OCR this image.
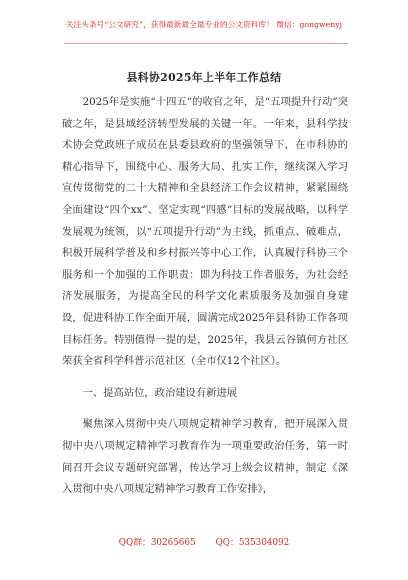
关注头条号“公文研究”，获得最新最全最专业的公文资料库！ 微信：gongwenyj
县科协2025年上半年工作总结

2025年是实施“十四五”的收官之年，是“五项提升行动”突破之年，是县域经济转型发展的关键一年。一年来，县科学技术协会党政班子成员在县委县政府的坚强领导下，在市科协的精心指导下，围绕中心、服务大局、扎实工作，继续深入学习宣传贯彻党的二十大精神和全县经济工作会议精神，紧紧围绕全面建设“四个xx”、坚定实现“四感”目标的发展战略，以科学发展观为统领，以“五项提升行动”为主线，抓重点、破难点，积极开展科学普及和乡村振兴等中心工作，认真履行科协三个服务和一个加强的工作职责：即为科技工作者服务，为社会经济发展服务，为提高全民的科学文化素质服务及加强自身建设，促进科协工作全面开展，圆满完成2025年县科协工作各项目标任务。特别值得一提的是，2025年，我县云谷镇何方社区荣获全省科学科普示范社区（全市仅12个社区）。

一、提高站位，政治建设有新进展

聚焦深入贯彻中央八项规定精神学习教育，把开展深入贯彻中央八项规定精神学习教育作为一项重要政治任务，第一时间召开会议专题研究部署，传达学习上级会议精神，制定《深入贯彻中央八项规定精神学习教育工作安排》，

QQ群：30265665 QQ：535304092
